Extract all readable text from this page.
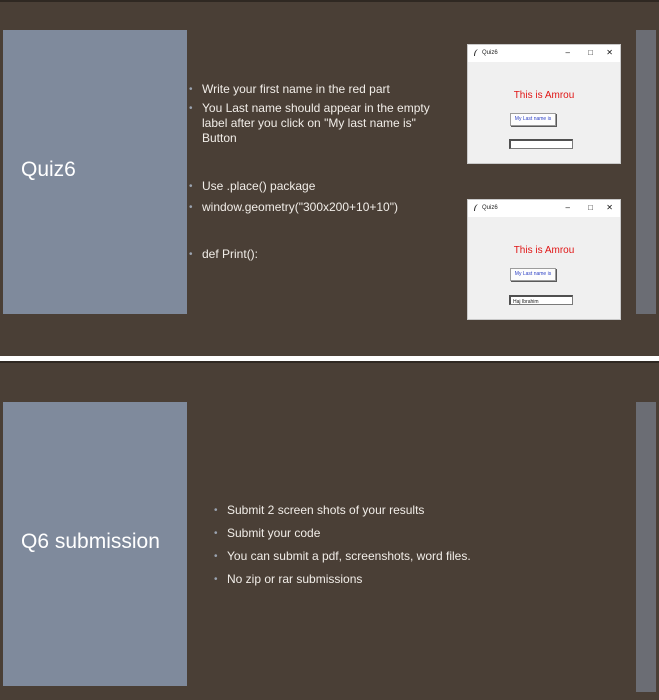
Quiz6
• Write your first name in the red part
• You Last name should appear in the empty label after you click on "My last name is" Button
• Use .place() package
• window.geometry("300x200+10+10")
• def Print():
Quiz6	– □ ✕
This is Amrou
My Last name is
Quiz6	– □ ✕
This is Amrou
My Last name is
Haj Ibrahim
Q6 submission
• Submit 2 screen shots of your results
• Submit your code
• You can submit a pdf, screenshots, word files.
• No zip or rar submissions
